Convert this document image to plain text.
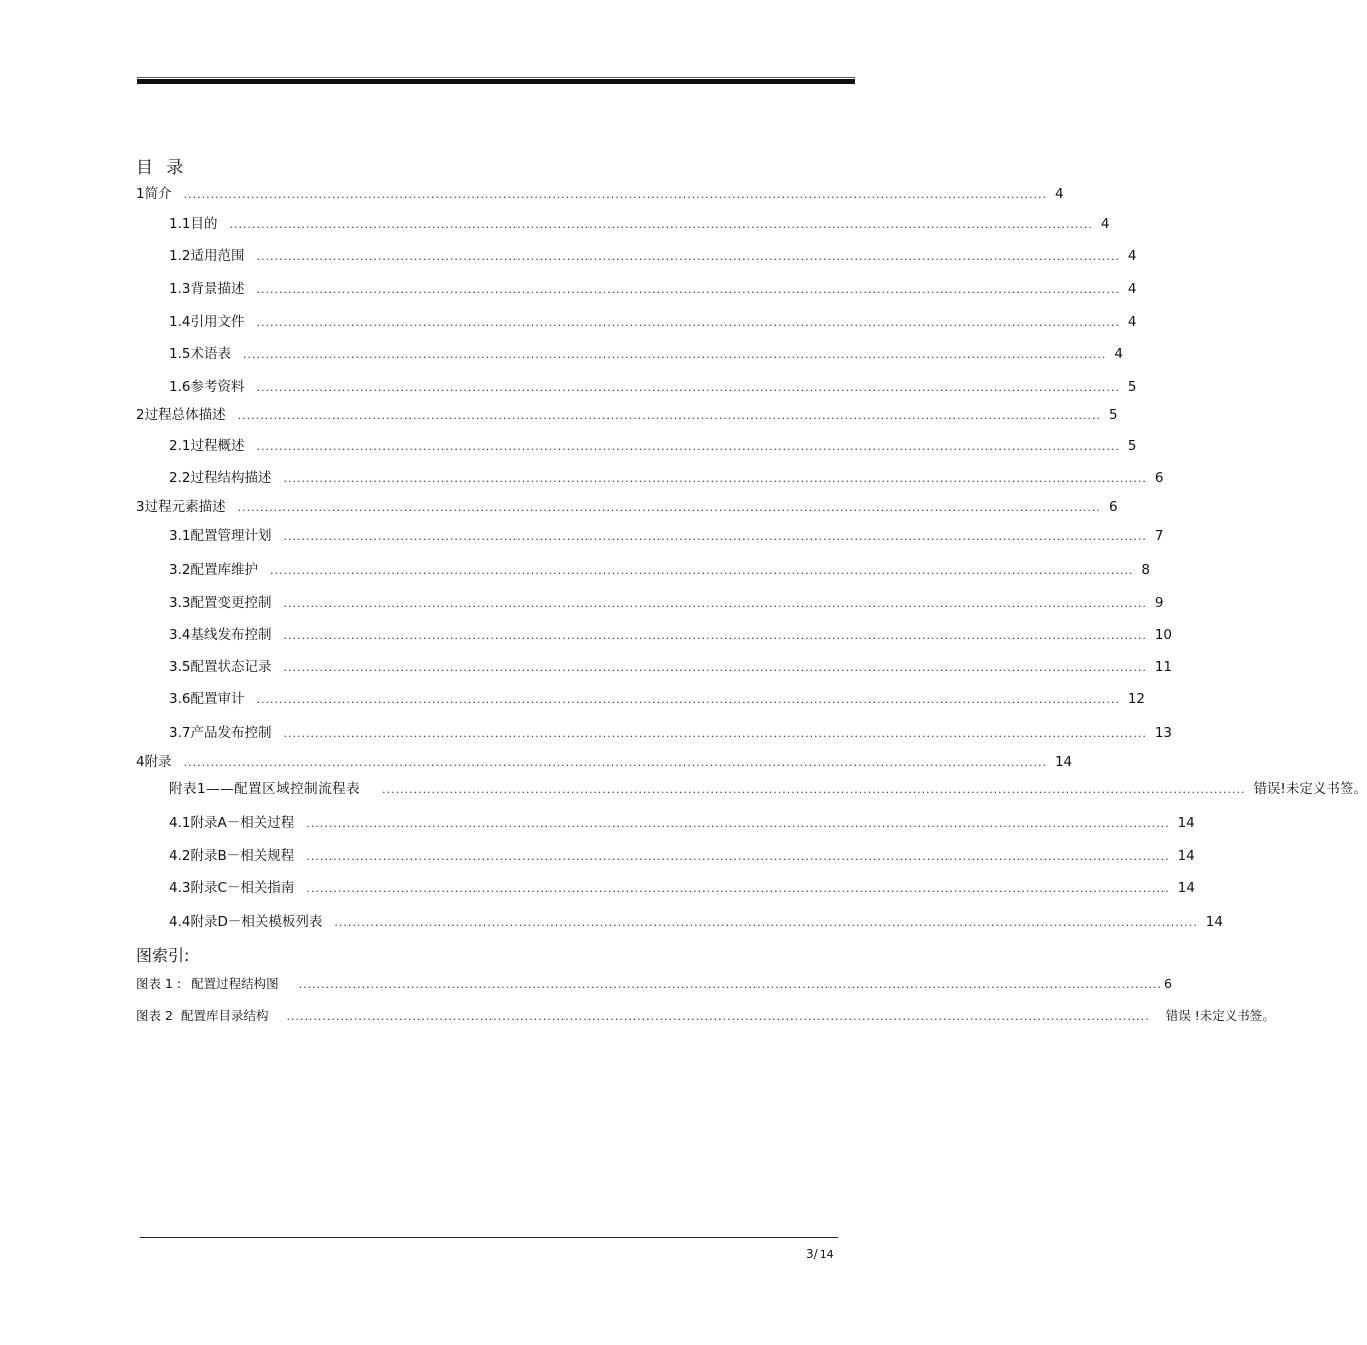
目 录
1 简介 ................................................................................................................................................................................................ 4
1.1 目的 ................................................................................................................................................................................................ 4
1.2 适用范围 ................................................................................................................................................................................................ 4
1.3 背景描述 ................................................................................................................................................................................................ 4
1.4 引用文件 ................................................................................................................................................................................................ 4
1.5 术语表 ................................................................................................................................................................................................ 4
1.6 参考资料 ................................................................................................................................................................................................ 5
2 过程总体描述 ................................................................................................................................................................................................ 5
2.1 过程概述 ................................................................................................................................................................................................ 5
2.2 过程结构描述 ................................................................................................................................................................................................ 6
3 过程元素描述 ................................................................................................................................................................................................ 6
3.1 配置管理计划 ................................................................................................................................................................................................ 7
3.2 配置库维护 ................................................................................................................................................................................................ 8
3.3 配置变更控制 ................................................................................................................................................................................................ 9
3.4 基线发布控制 ................................................................................................................................................................................................ 10
3.5 配置状态记录 ................................................................................................................................................................................................ 11
3.6 配置审计 ................................................................................................................................................................................................ 12
3.7 产品发布控制 ................................................................................................................................................................................................ 13
4 附录 ................................................................................................................................................................................................ 14
附表1——配置区域控制流程表 ................................................................................................................................................................................................ 错误!未定义书签。
4.1 附录A－相关过程 ................................................................................................................................................................................................ 14
4.2 附录B－相关规程 ................................................................................................................................................................................................ 14
4.3 附录C－相关指南 ................................................................................................................................................................................................ 14
4.4 附录D－相关模板列表 ................................................................................................................................................................................................ 14
图索引:
图表 1 : 配置过程结构图 ................................................................................................................................................................................................ 6
图表 2 配置库目录结构 ................................................................................................................................................................................................ 错误 !未定义书签。
3/ 14
